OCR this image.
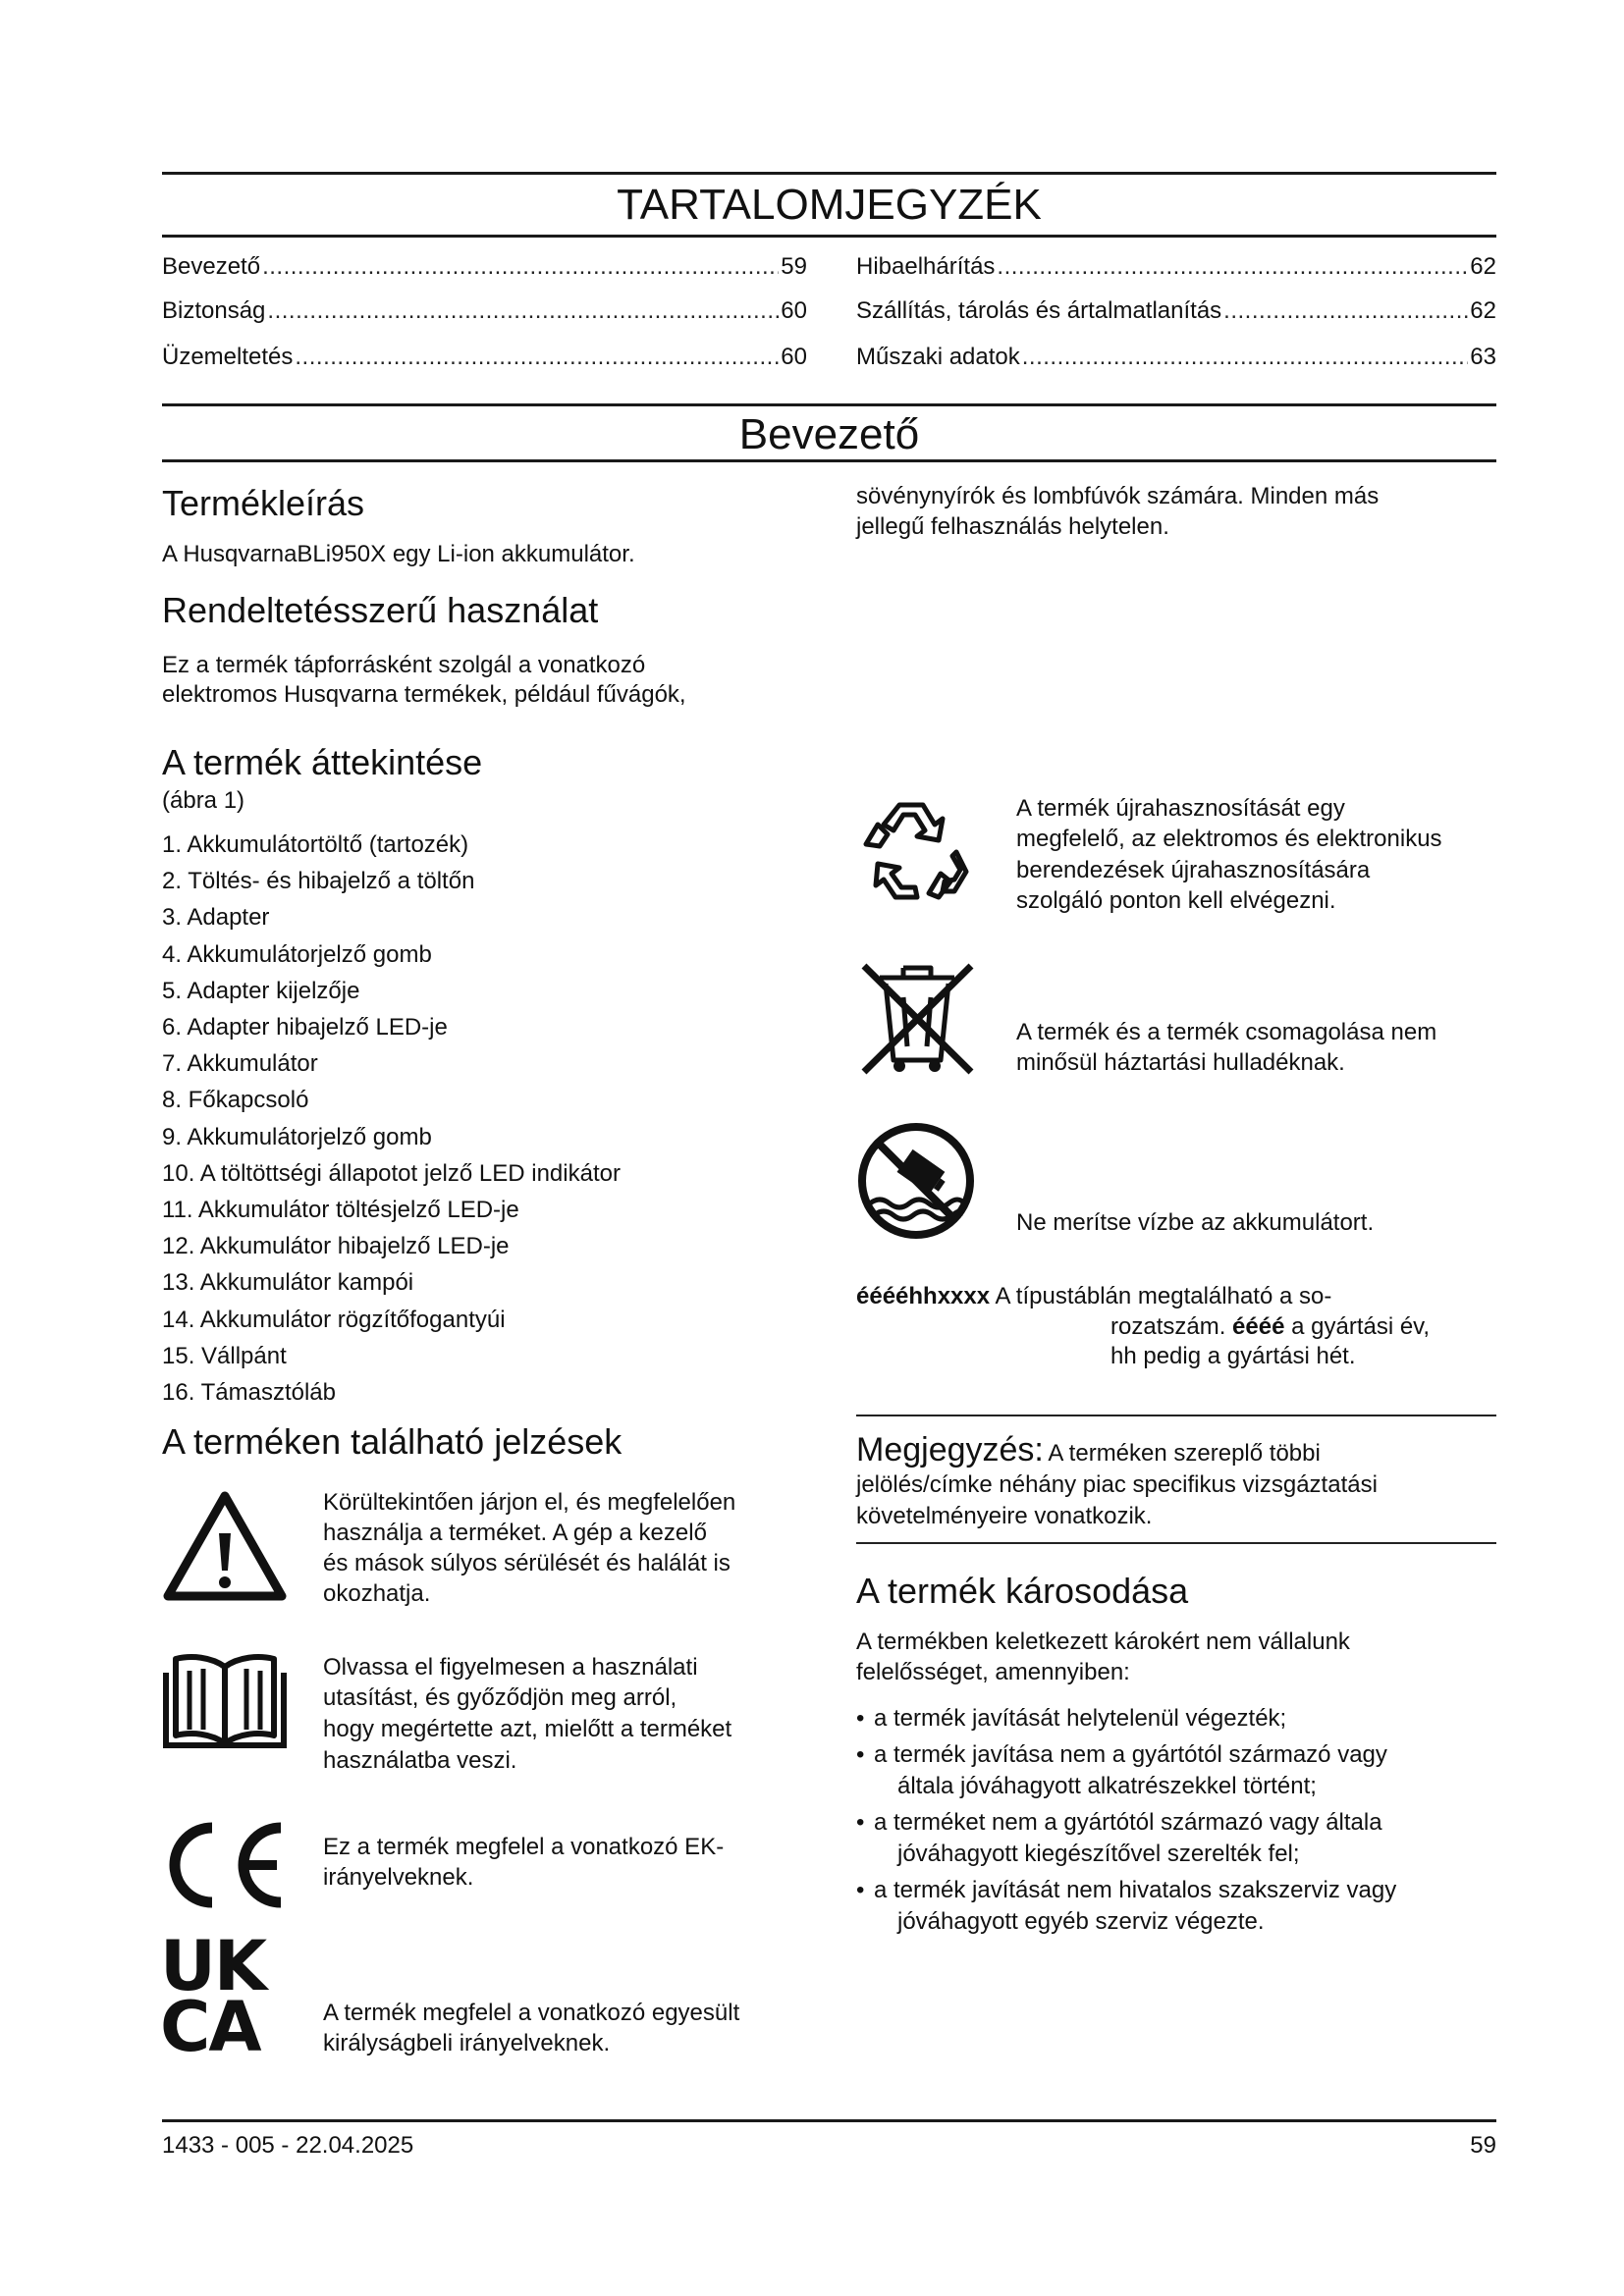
TARTALOMJEGYZÉK
Bevezető .....	59
Biztonság .....	60
Üzemeltetés .....	60
Hibaelhárítás .....	62
Szállítás, tárolás és ártalmatlanítás .....	62
Műszaki adatok .....	63
Bevezető
Termékleírás
A HusqvarnaBLi950X egy Li-ion akkumulátor.
Rendeltetésszerű használat
Ez a termék tápforrásként szolgál a vonatkozó
elektromos Husqvarna termékek, például fűvágók,
A termék áttekintése
(ábra 1)
1. Akkumulátortöltő (tartozék)
2. Töltés- és hibajelző a töltőn
3. Adapter
4. Akkumulátorjelző gomb
5. Adapter kijelzője
6. Adapter hibajelző LED-je
7. Akkumulátor
8. Főkapcsoló
9. Akkumulátorjelző gomb
10. A töltöttségi állapotot jelző LED indikátor
11. Akkumulátor töltésjelző LED-je
12. Akkumulátor hibajelző LED-je
13. Akkumulátor kampói
14. Akkumulátor rögzítőfogantyúi
15. Vállpánt
16. Támasztóláb
A terméken található jelzések
Körültekintően járjon el, és megfelelően
használja a terméket. A gép a kezelő
és mások súlyos sérülését és halálát is
okozhatja.
Olvassa el figyelmesen a használati
utasítást, és győződjön meg arról,
hogy megértette azt, mielőtt a terméket
használatba veszi.
Ez a termék megfelel a vonatkozó EK-
irányelveknek.
UK
CA	A termék megfelel a vonatkozó egyesült
királyságbeli irányelveknek.
sövénynyírók és lombfúvók számára. Minden más
jellegű felhasználás helytelen.
A termék újrahasznosítását egy
megfelelő, az elektromos és elektronikus
berendezések újrahasznosítására
szolgáló ponton kell elvégezni.
A termék és a termék csomagolása nem
minősül háztartási hulladéknak.
Ne merítse vízbe az akkumulátort.
ééééhhxxxx A típustáblán megtalálható a so-
rozatszám. éééé a gyártási év,
hh pedig a gyártási hét.
Megjegyzés: A terméken szereplő többi
jelölés/címke néhány piac specifikus vizsgáztatási
követelményeire vonatkozik.
A termék károsodása
A termékben keletkezett károkért nem vállalunk
felelősséget, amennyiben:
• a termék javítását helytelenül végezték;
• a termék javítása nem a gyártótól származó vagy
általa jóváhagyott alkatrészekkel történt;
• a terméket nem a gyártótól származó vagy általa
jóváhagyott kiegészítővel szerelték fel;
• a termék javítását nem hivatalos szakszerviz vagy
jóváhagyott egyéb szerviz végezte.
1433 - 005 - 22.04.2025	59
